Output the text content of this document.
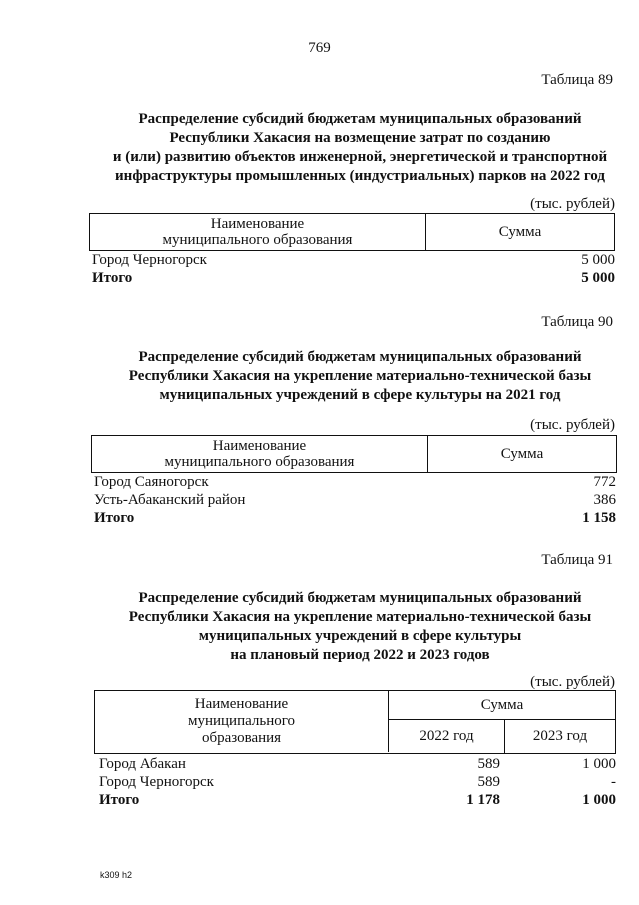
769
Таблица 89
Распределение субсидий бюджетам муниципальных образований
Республики Хакасия на возмещение затрат по созданию
и (или) развитию объектов инженерной, энергетической и транспортной
инфраструктуры промышленных (индустриальных) парков на 2022 год
(тыс. рублей)
Наименование
муниципального образования
Сумма
Город Черногорск	5 000
Итого	5 000
Таблица 90
Распределение субсидий бюджетам муниципальных образований
Республики Хакасия на укрепление материально-технической базы
муниципальных учреждений в сфере культуры на 2021 год
(тыс. рублей)
Наименование
муниципального образования
Сумма
Город Саяногорск	772
Усть-Абаканский район	386
Итого	1 158
Таблица 91
Распределение субсидий бюджетам муниципальных образований
Республики Хакасия на укрепление материально-технической базы
муниципальных учреждений в сфере культуры
на плановый период 2022 и 2023 годов
(тыс. рублей)
Наименование
муниципального
образования
Сумма
2022 год	2023 год
Город Абакан	589	1 000
Город Черногорск	589	-
Итого	1 178	1 000
k309 h2
